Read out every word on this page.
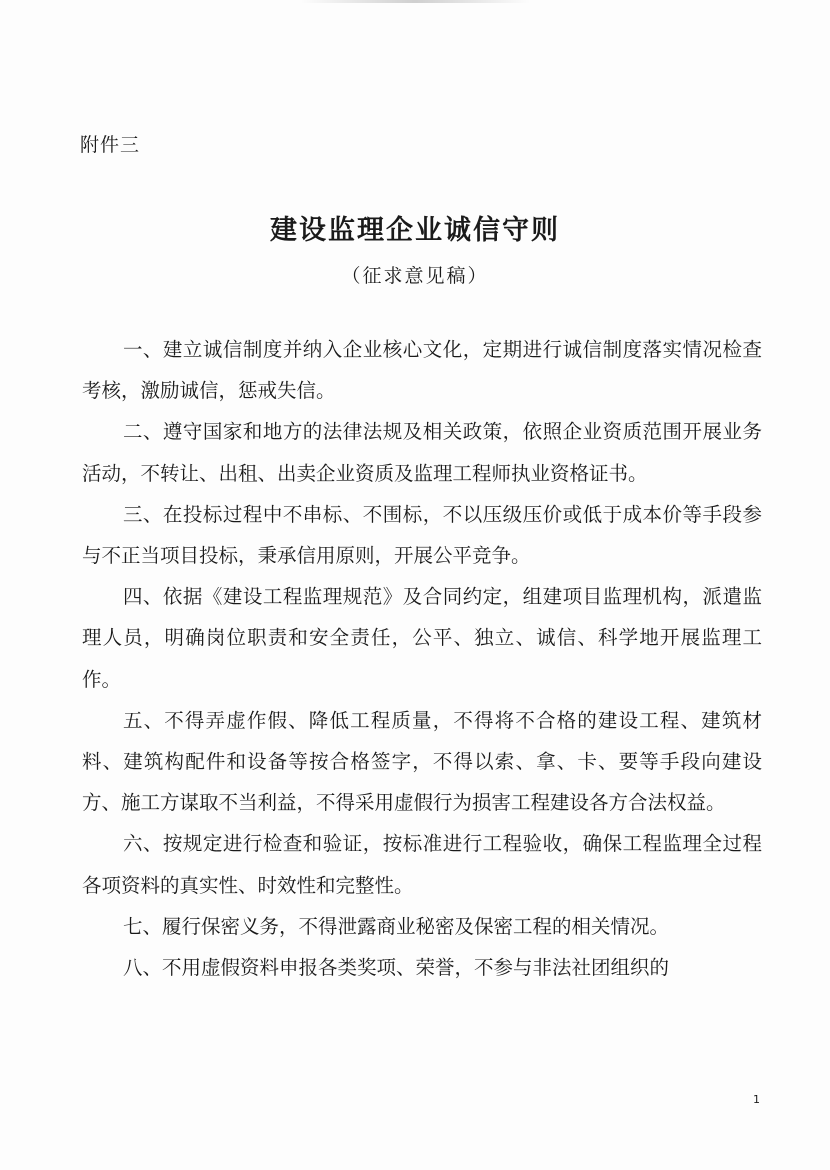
附件三
建设监理企业诚信守则
（征求意见稿）

一、建立诚信制度并纳入企业核心文化，定期进行诚信制度落实情况检查考核，激励诚信，惩戒失信。

二、遵守国家和地方的法律法规及相关政策，依照企业资质范围开展业务活动，不转让、出租、出卖企业资质及监理工程师执业资格证书。

三、在投标过程中不串标、不围标，不以压级压价或低于成本价等手段参与不正当项目投标，秉承信用原则，开展公平竞争。

四、依据《建设工程监理规范》及合同约定，组建项目监理机构，派遣监理人员，明确岗位职责和安全责任，公平、独立、诚信、科学地开展监理工作。

五、不得弄虚作假、降低工程质量，不得将不合格的建设工程、建筑材料、建筑构配件和设备等按合格签字，不得以索、拿、卡、要等手段向建设方、施工方谋取不当利益，不得采用虚假行为损害工程建设各方合法权益。

六、按规定进行检查和验证，按标准进行工程验收，确保工程监理全过程各项资料的真实性、时效性和完整性。

七、履行保密义务，不得泄露商业秘密及保密工程的相关情况。

八、不用虚假资料申报各类奖项、荣誉，不参与非法社团组织的

1
